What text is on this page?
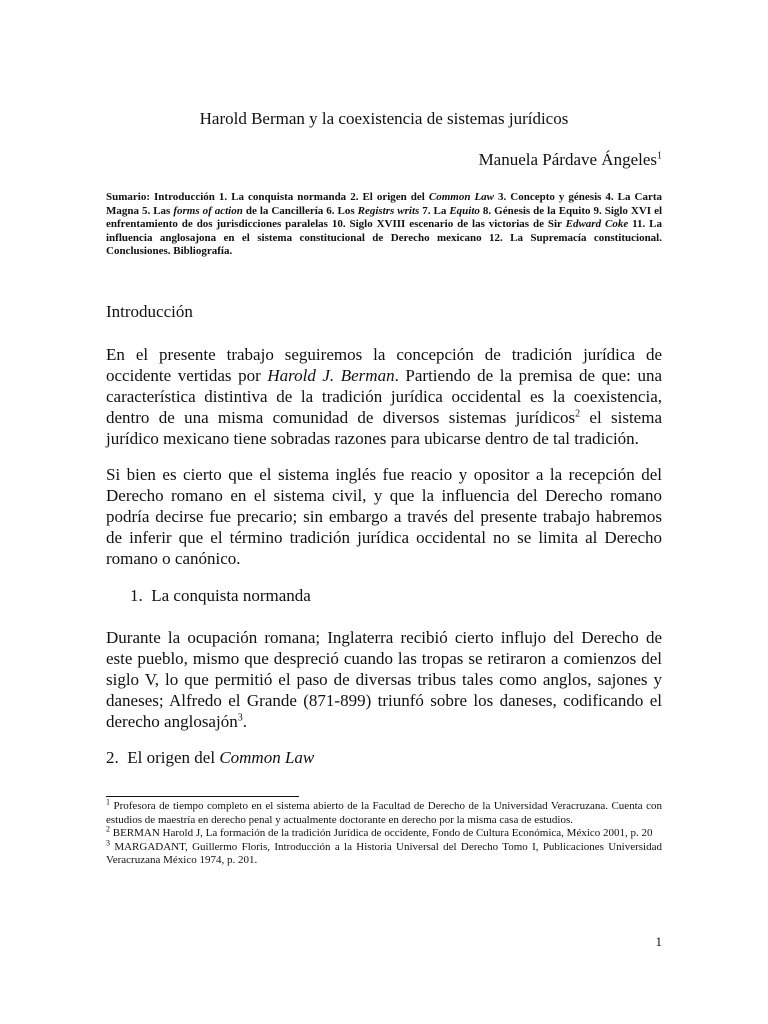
Harold Berman y la coexistencia de sistemas jurídicos
Manuela Párdave Ángeles$^1$
Sumario: Introducción 1. La conquista normanda 2. El origen del Common Law 3. Concepto y génesis 4. La Carta Magna 5. Las forms of action de la Cancillería 6. Los Registrs writs 7. La Equito 8. Génesis de la Equito 9. Siglo XVI el enfrentamiento de dos jurisdicciones paralelas 10. Siglo XVIII escenario de las victorias de Sir Edward Coke 11. La influencia anglosajona en el sistema constitucional de Derecho mexicano 12. La Supremacía constitucional. Conclusiones. Bibliografía.
Introducción

En el presente trabajo seguiremos la concepción de tradición jurídica de occidente vertidas por Harold J. Berman. Partiendo de la premisa de que: una característica distintiva de la tradición jurídica occidental es la coexistencia, dentro de una misma comunidad de diversos sistemas jurídicos$^2$ el sistema jurídico mexicano tiene sobradas razones para ubicarse dentro de tal tradición.

Si bien es cierto que el sistema inglés fue reacio y opositor a la recepción del Derecho romano en el sistema civil, y que la influencia del Derecho romano podría decirse fue precario; sin embargo a través del presente trabajo habremos de inferir que el término tradición jurídica occidental no se limita al Derecho romano o canónico.

1. La conquista normanda

Durante la ocupación romana; Inglaterra recibió cierto influjo del Derecho de este pueblo, mismo que despreció cuando las tropas se retiraron a comienzos del siglo V, lo que permitió el paso de diversas tribus tales como anglos, sajones y daneses; Alfredo el Grande (871-899) triunfó sobre los daneses, codificando el derecho anglosajón$^3$.

2. El origen del Common Law

$^1$ Profesora de tiempo completo en el sistema abierto de la Facultad de Derecho de la Universidad Veracruzana. Cuenta con estudios de maestría en derecho penal y actualmente doctorante en derecho por la misma casa de estudios.

$^2$ BERMAN Harold J, La formación de la tradición Jurídica de occidente, Fondo de Cultura Económica, México 2001, p. 20

$^3$ MARGADANT, Guillermo Floris, Introducción a la Historia Universal del Derecho Tomo I, Publicaciones Universidad Veracruzana México 1974, p. 201.

1
